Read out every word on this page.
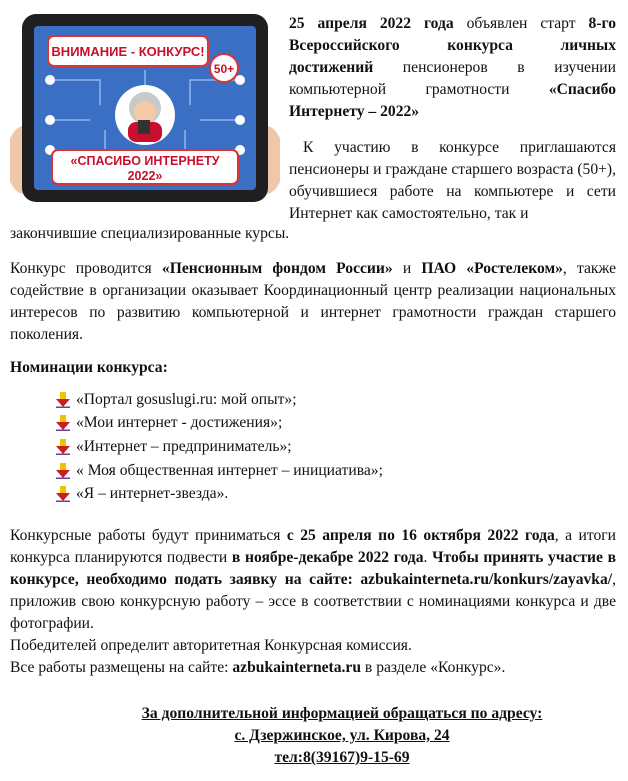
ВНИМАНИЕ - КОНКУРС!
50+
«СПАСИБО ИНТЕРНЕТУ
2022»

25 апреля 2022 года объявлен старт 8-го Всероссийского конкурса личных достижений пенсионеров в изучении компьютерной грамотности «Спасибо Интернету – 2022»

К участию в конкурсе приглашаются пенсионеры и граждане старшего возраста (50+), обучившиеся работе на компьютере и сети Интернет как самостоятельно, так и

закончившие специализированные курсы.

Конкурс проводится «Пенсионным фондом России» и ПАО «Ростелеком», также содействие в организации оказывает Координационный центр реализации национальных интересов по развитию компьютерной и интернет грамотности граждан старшего поколения.

Номинации конкурса:

«Портал gosuslugi.ru: мой опыт»;
«Мои интернет - достижения»;
«Интернет – предприниматель»;
« Моя общественная интернет – инициатива»;
«Я – интернет-звезда».

Конкурсные работы будут приниматься с 25 апреля по 16 октября 2022 года, а итоги конкурса планируются подвести в ноябре-декабре 2022 года. Чтобы принять участие в конкурсе, необходимо подать заявку на сайте: azbukainterneta.ru/konkurs/zayavka/, приложив свою конкурсную работу – эссе в соответствии с номинациями конкурса и две фотографии.

Победителей определит авторитетная Конкурсная комиссия.

Все работы размещены на сайте: azbukainterneta.ru в разделе «Конкурс».

За дополнительной информацией обращаться по адресу:
с. Дзержинское, ул. Кирова, 24
тел:8(39167)9-15-69
